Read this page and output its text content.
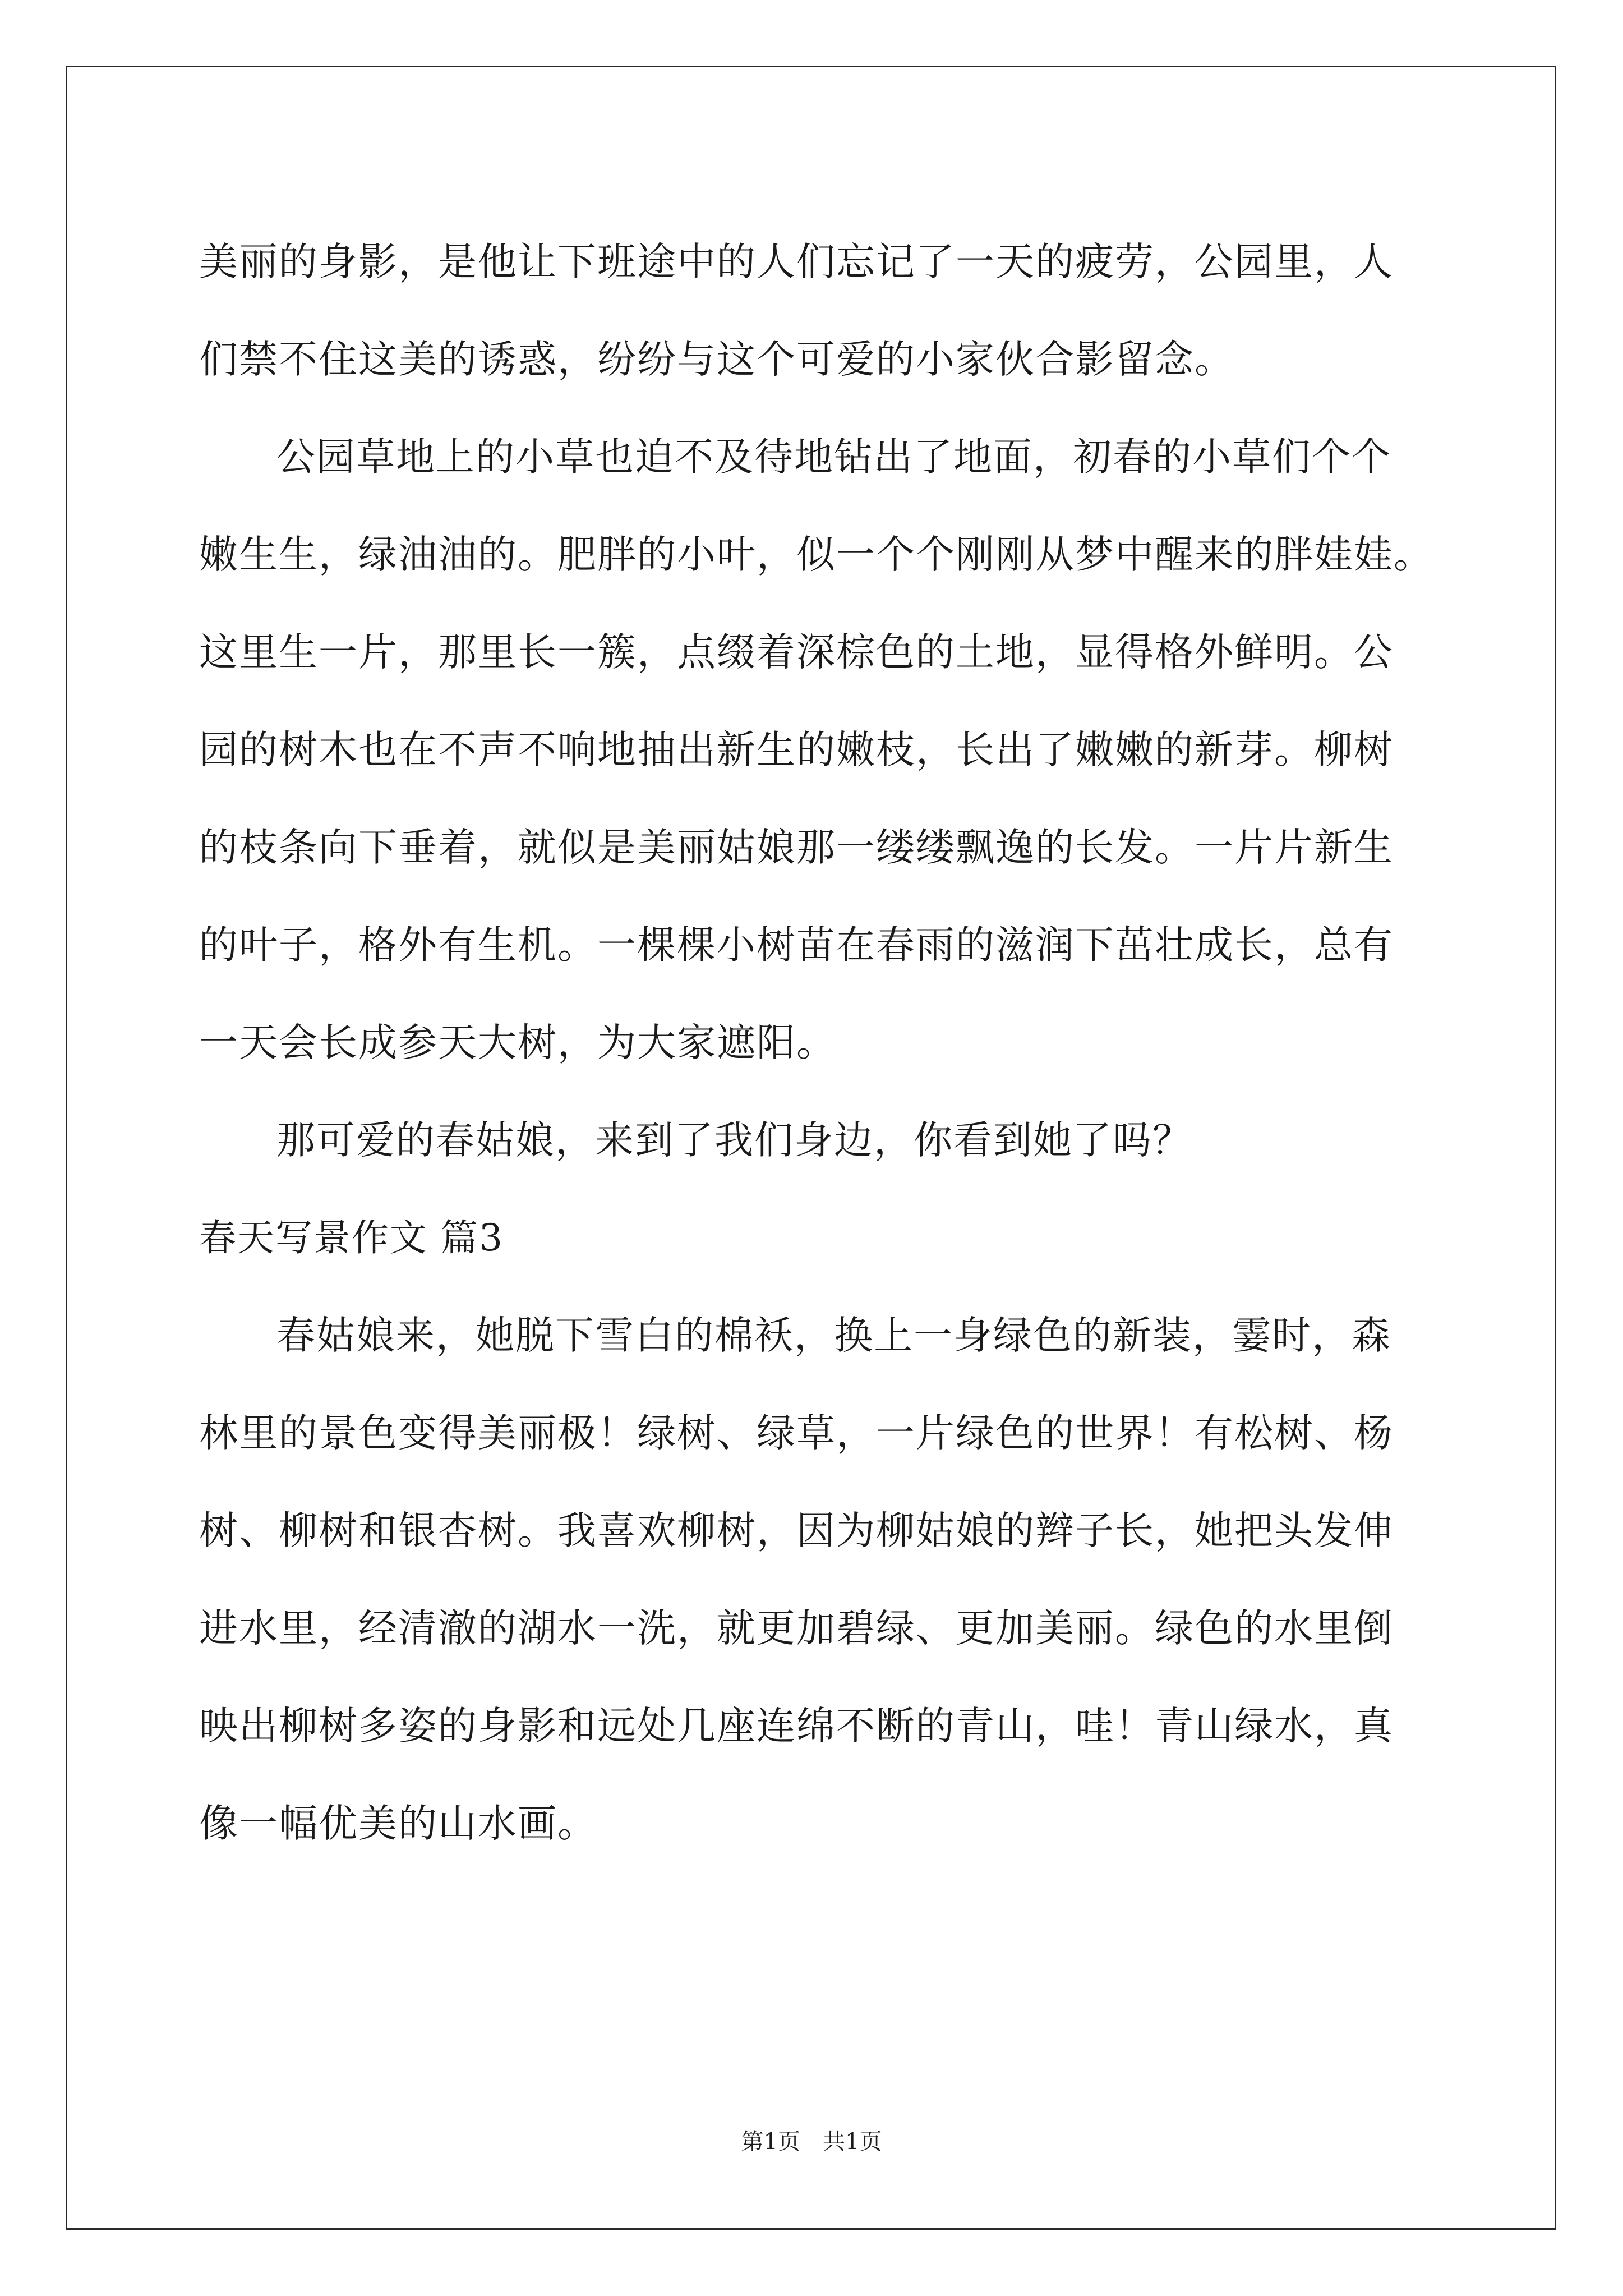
美丽的身影，是他让下班途中的人们忘记了一天的疲劳，公园里，人
们禁不住这美的诱惑，纷纷与这个可爱的小家伙合影留念。
公园草地上的小草也迫不及待地钻出了地面，初春的小草们个个
嫩生生，绿油油的。肥胖的小叶，似一个个刚刚从梦中醒来的胖娃娃。
这里生一片，那里长一簇，点缀着深棕色的土地，显得格外鲜明。公
园的树木也在不声不响地抽出新生的嫩枝，长出了嫩嫩的新芽。柳树
的枝条向下垂着，就似是美丽姑娘那一缕缕飘逸的长发。一片片新生
的叶子，格外有生机。一棵棵小树苗在春雨的滋润下茁壮成长，总有
一天会长成参天大树，为大家遮阳。
那可爱的春姑娘，来到了我们身边，你看到她了吗？
春天写景作文 篇3
春姑娘来，她脱下雪白的棉袄，换上一身绿色的新装，霎时，森
林里的景色变得美丽极！绿树、绿草，一片绿色的世界！有松树、杨
树、柳树和银杏树。我喜欢柳树，因为柳姑娘的辫子长，她把头发伸
进水里，经清澈的湖水一洗，就更加碧绿、更加美丽。绿色的水里倒
映出柳树多姿的身影和远处几座连绵不断的青山，哇！青山绿水，真
像一幅优美的山水画。
第1页 共1页
